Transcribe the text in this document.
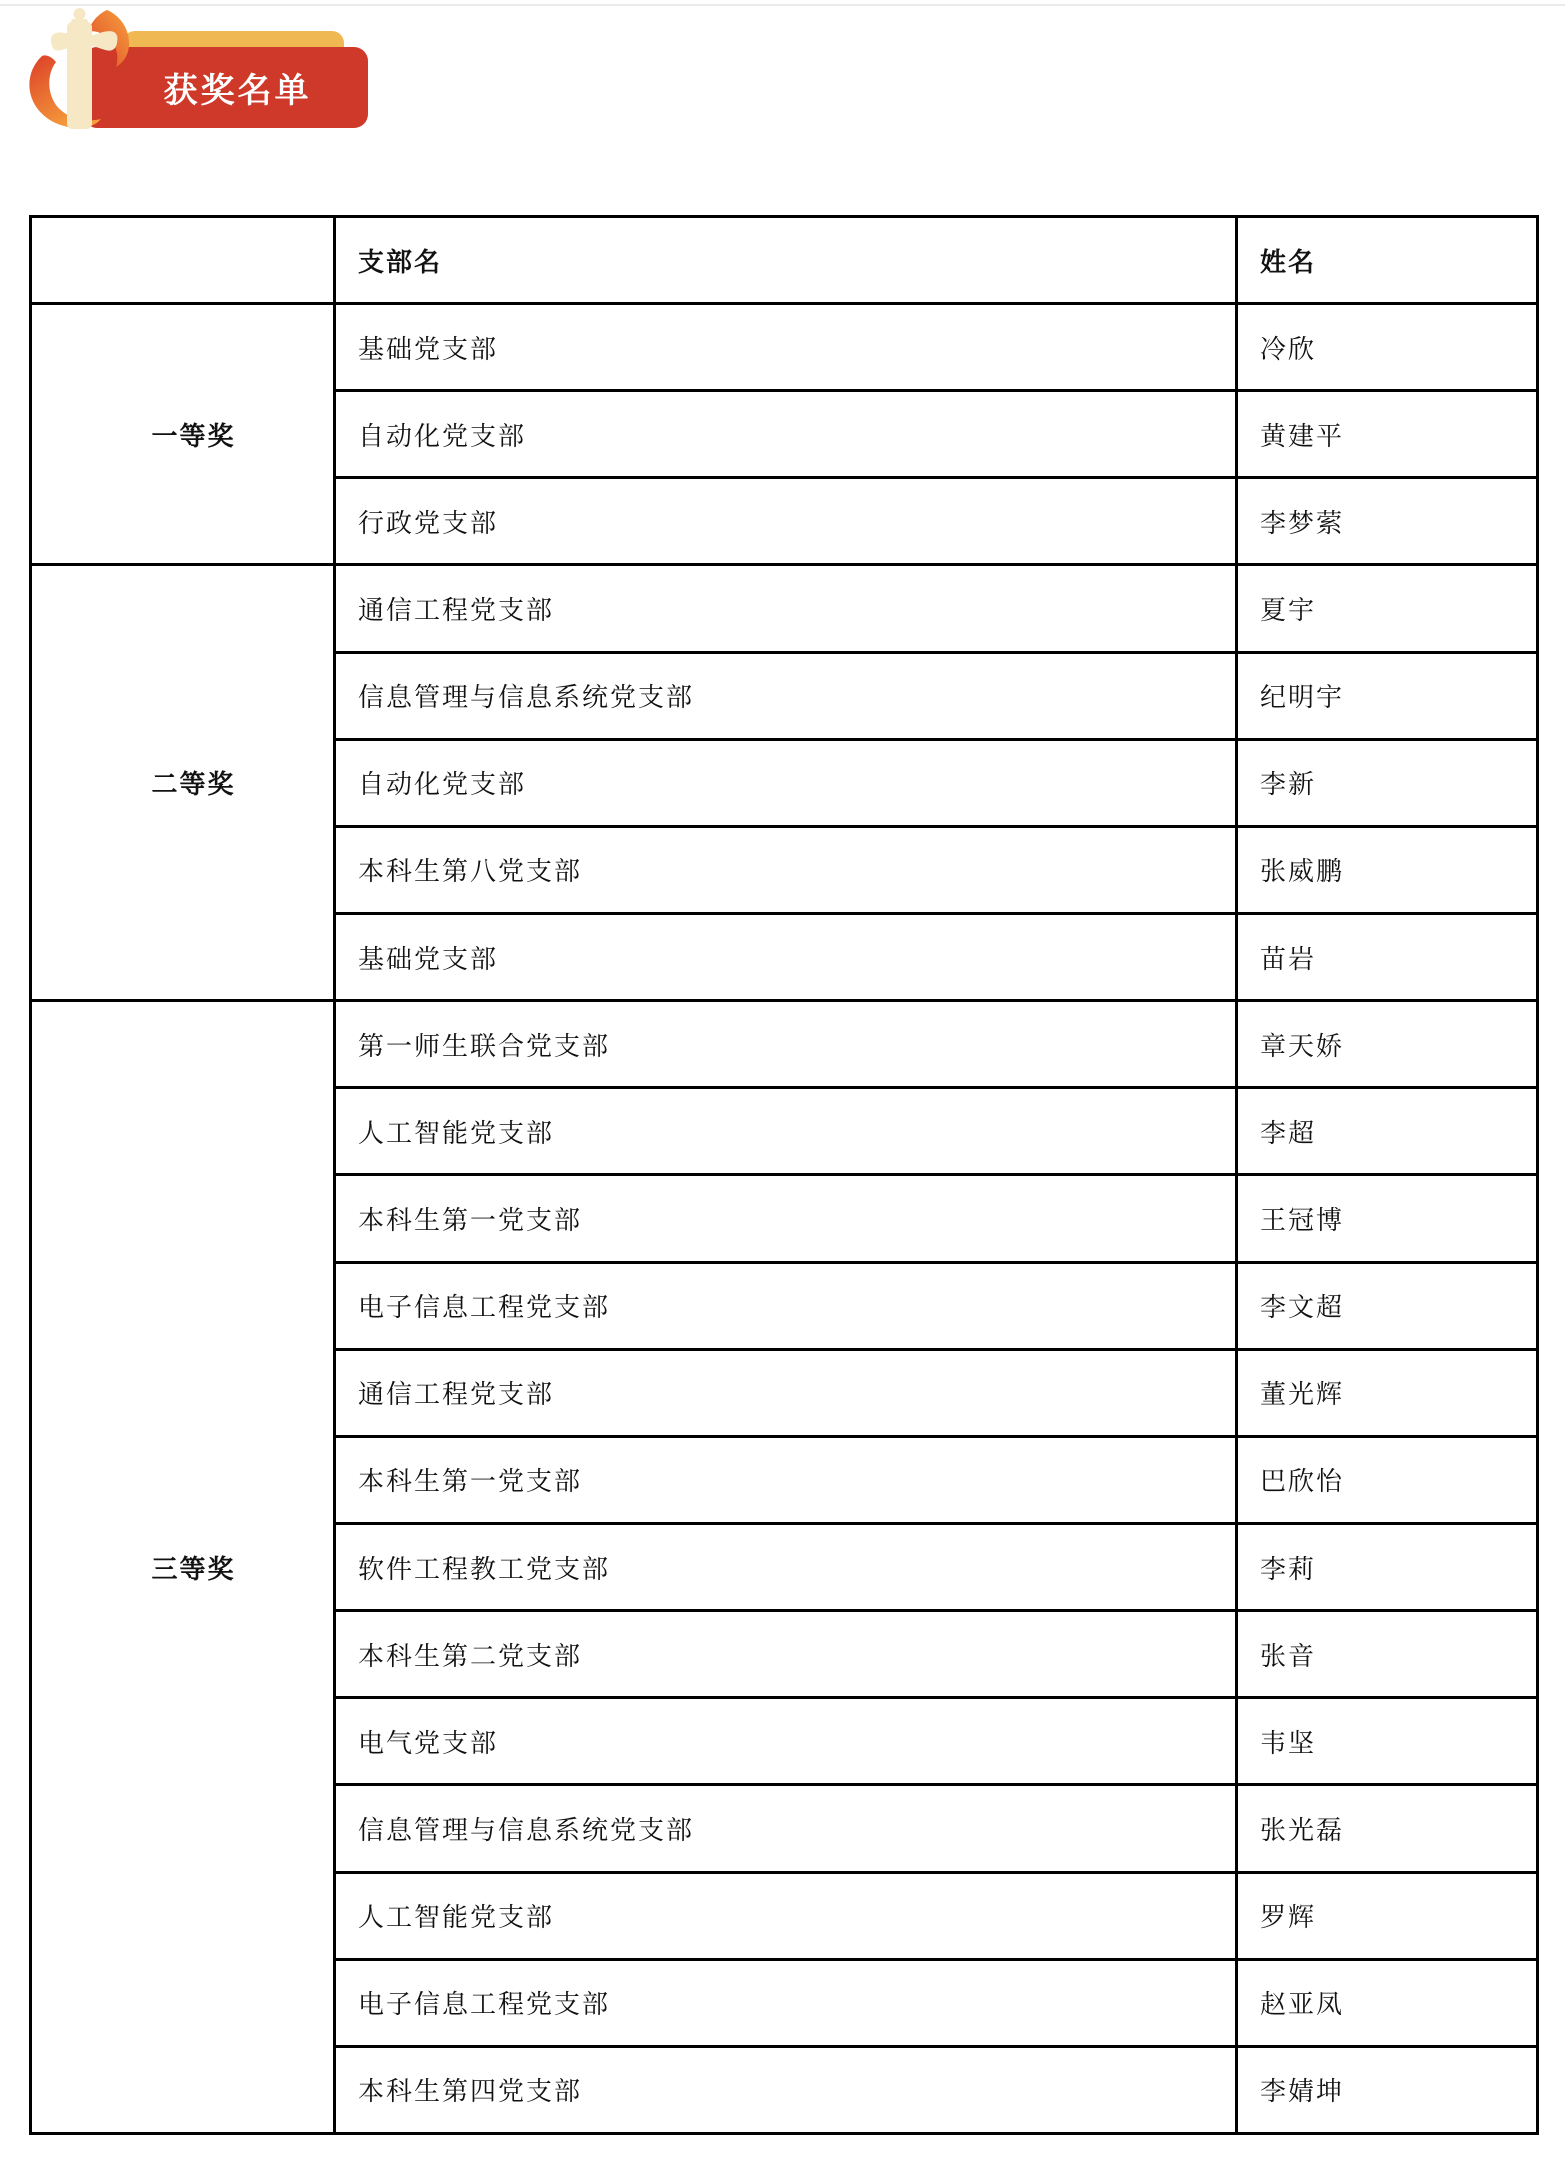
获奖名单
	支部名	姓名
一等奖	基础党支部	冷欣
	自动化党支部	黄建平
	行政党支部	李梦萦
二等奖	通信工程党支部	夏宇
	信息管理与信息系统党支部	纪明宇
	自动化党支部	李新
	本科生第八党支部	张威鹏
	基础党支部	苗岩
三等奖	第一师生联合党支部	章天娇
	人工智能党支部	李超
	本科生第一党支部	王冠博
	电子信息工程党支部	李文超
	通信工程党支部	董光辉
	本科生第一党支部	巴欣怡
	软件工程教工党支部	李莉
	本科生第二党支部	张音
	电气党支部	韦坚
	信息管理与信息系统党支部	张光磊
	人工智能党支部	罗辉
	电子信息工程党支部	赵亚凤
	本科生第四党支部	李婧坤
